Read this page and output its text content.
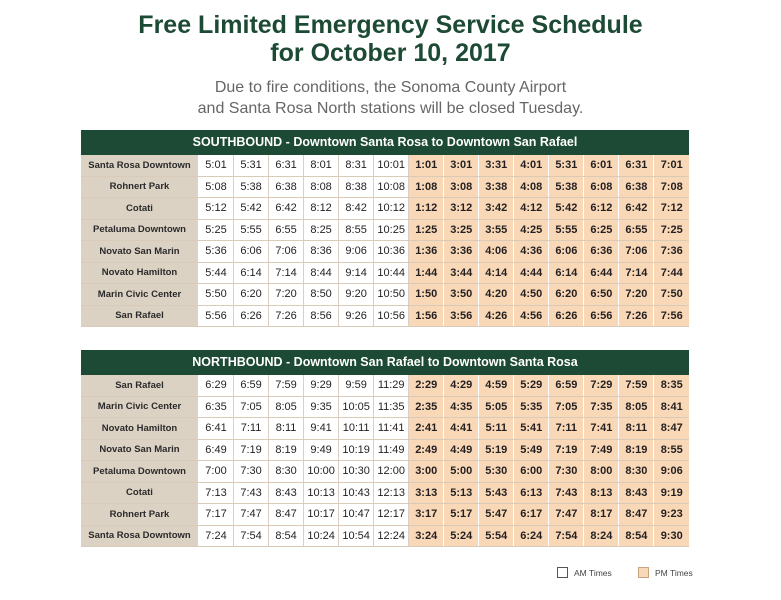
Free Limited Emergency Service Schedule
for October 10, 2017
Due to fire conditions, the Sonoma County Airport
and Santa Rosa North stations will be closed Tuesday.
SOUTHBOUND - Downtown Santa Rosa to Downtown San Rafael
Santa Rosa Downtown	5:01	5:31	6:31	8:01	8:31	10:01	1:01	3:01	3:31	4:01	5:31	6:01	6:31	7:01
Rohnert Park	5:08	5:38	6:38	8:08	8:38	10:08	1:08	3:08	3:38	4:08	5:38	6:08	6:38	7:08
Cotati	5:12	5:42	6:42	8:12	8:42	10:12	1:12	3:12	3:42	4:12	5:42	6:12	6:42	7:12
Petaluma Downtown	5:25	5:55	6:55	8:25	8:55	10:25	1:25	3:25	3:55	4:25	5:55	6:25	6:55	7:25
Novato San Marin	5:36	6:06	7:06	8:36	9:06	10:36	1:36	3:36	4:06	4:36	6:06	6:36	7:06	7:36
Novato Hamilton	5:44	6:14	7:14	8:44	9:14	10:44	1:44	3:44	4:14	4:44	6:14	6:44	7:14	7:44
Marin Civic Center	5:50	6:20	7:20	8:50	9:20	10:50	1:50	3:50	4:20	4:50	6:20	6:50	7:20	7:50
San Rafael	5:56	6:26	7:26	8:56	9:26	10:56	1:56	3:56	4:26	4:56	6:26	6:56	7:26	7:56
NORTHBOUND - Downtown San Rafael to Downtown Santa Rosa
San Rafael	6:29	6:59	7:59	9:29	9:59	11:29	2:29	4:29	4:59	5:29	6:59	7:29	7:59	8:35
Marin Civic Center	6:35	7:05	8:05	9:35	10:05	11:35	2:35	4:35	5:05	5:35	7:05	7:35	8:05	8:41
Novato Hamilton	6:41	7:11	8:11	9:41	10:11	11:41	2:41	4:41	5:11	5:41	7:11	7:41	8:11	8:47
Novato San Marin	6:49	7:19	8:19	9:49	10:19	11:49	2:49	4:49	5:19	5:49	7:19	7:49	8:19	8:55
Petaluma Downtown	7:00	7:30	8:30	10:00	10:30	12:00	3:00	5:00	5:30	6:00	7:30	8:00	8:30	9:06
Cotati	7:13	7:43	8:43	10:13	10:43	12:13	3:13	5:13	5:43	6:13	7:43	8:13	8:43	9:19
Rohnert Park	7:17	7:47	8:47	10:17	10:47	12:17	3:17	5:17	5:47	6:17	7:47	8:17	8:47	9:23
Santa Rosa Downtown	7:24	7:54	8:54	10:24	10:54	12:24	3:24	5:24	5:54	6:24	7:54	8:24	8:54	9:30
AM Times	PM Times
